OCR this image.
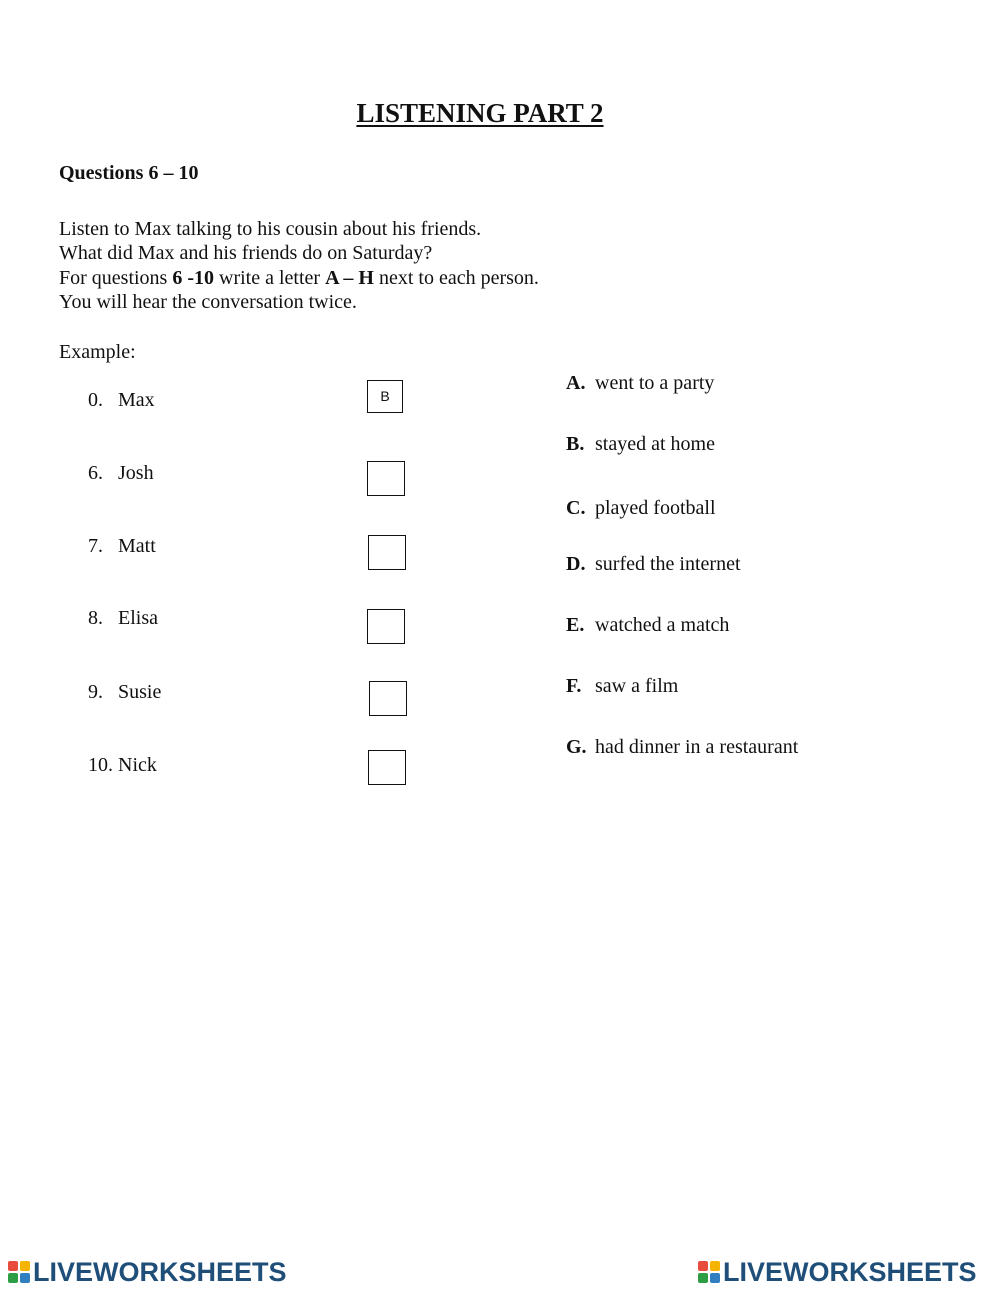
LISTENING PART 2
Questions 6 – 10
Listen to Max talking to his cousin about his friends.
What did Max and his friends do on Saturday?
For questions 6 -10 write a letter A – H next to each person.
You will hear the conversation twice.
Example:
0. Max	B
6. Josh
7. Matt
8. Elisa
9. Susie
10. Nick
A. went to a party
B. stayed at home
C. played football
D. surfed the internet
E. watched a match
F. saw a film
G. had dinner in a restaurant
LIVEWORKSHEETS	LIVEWORKSHEETS
